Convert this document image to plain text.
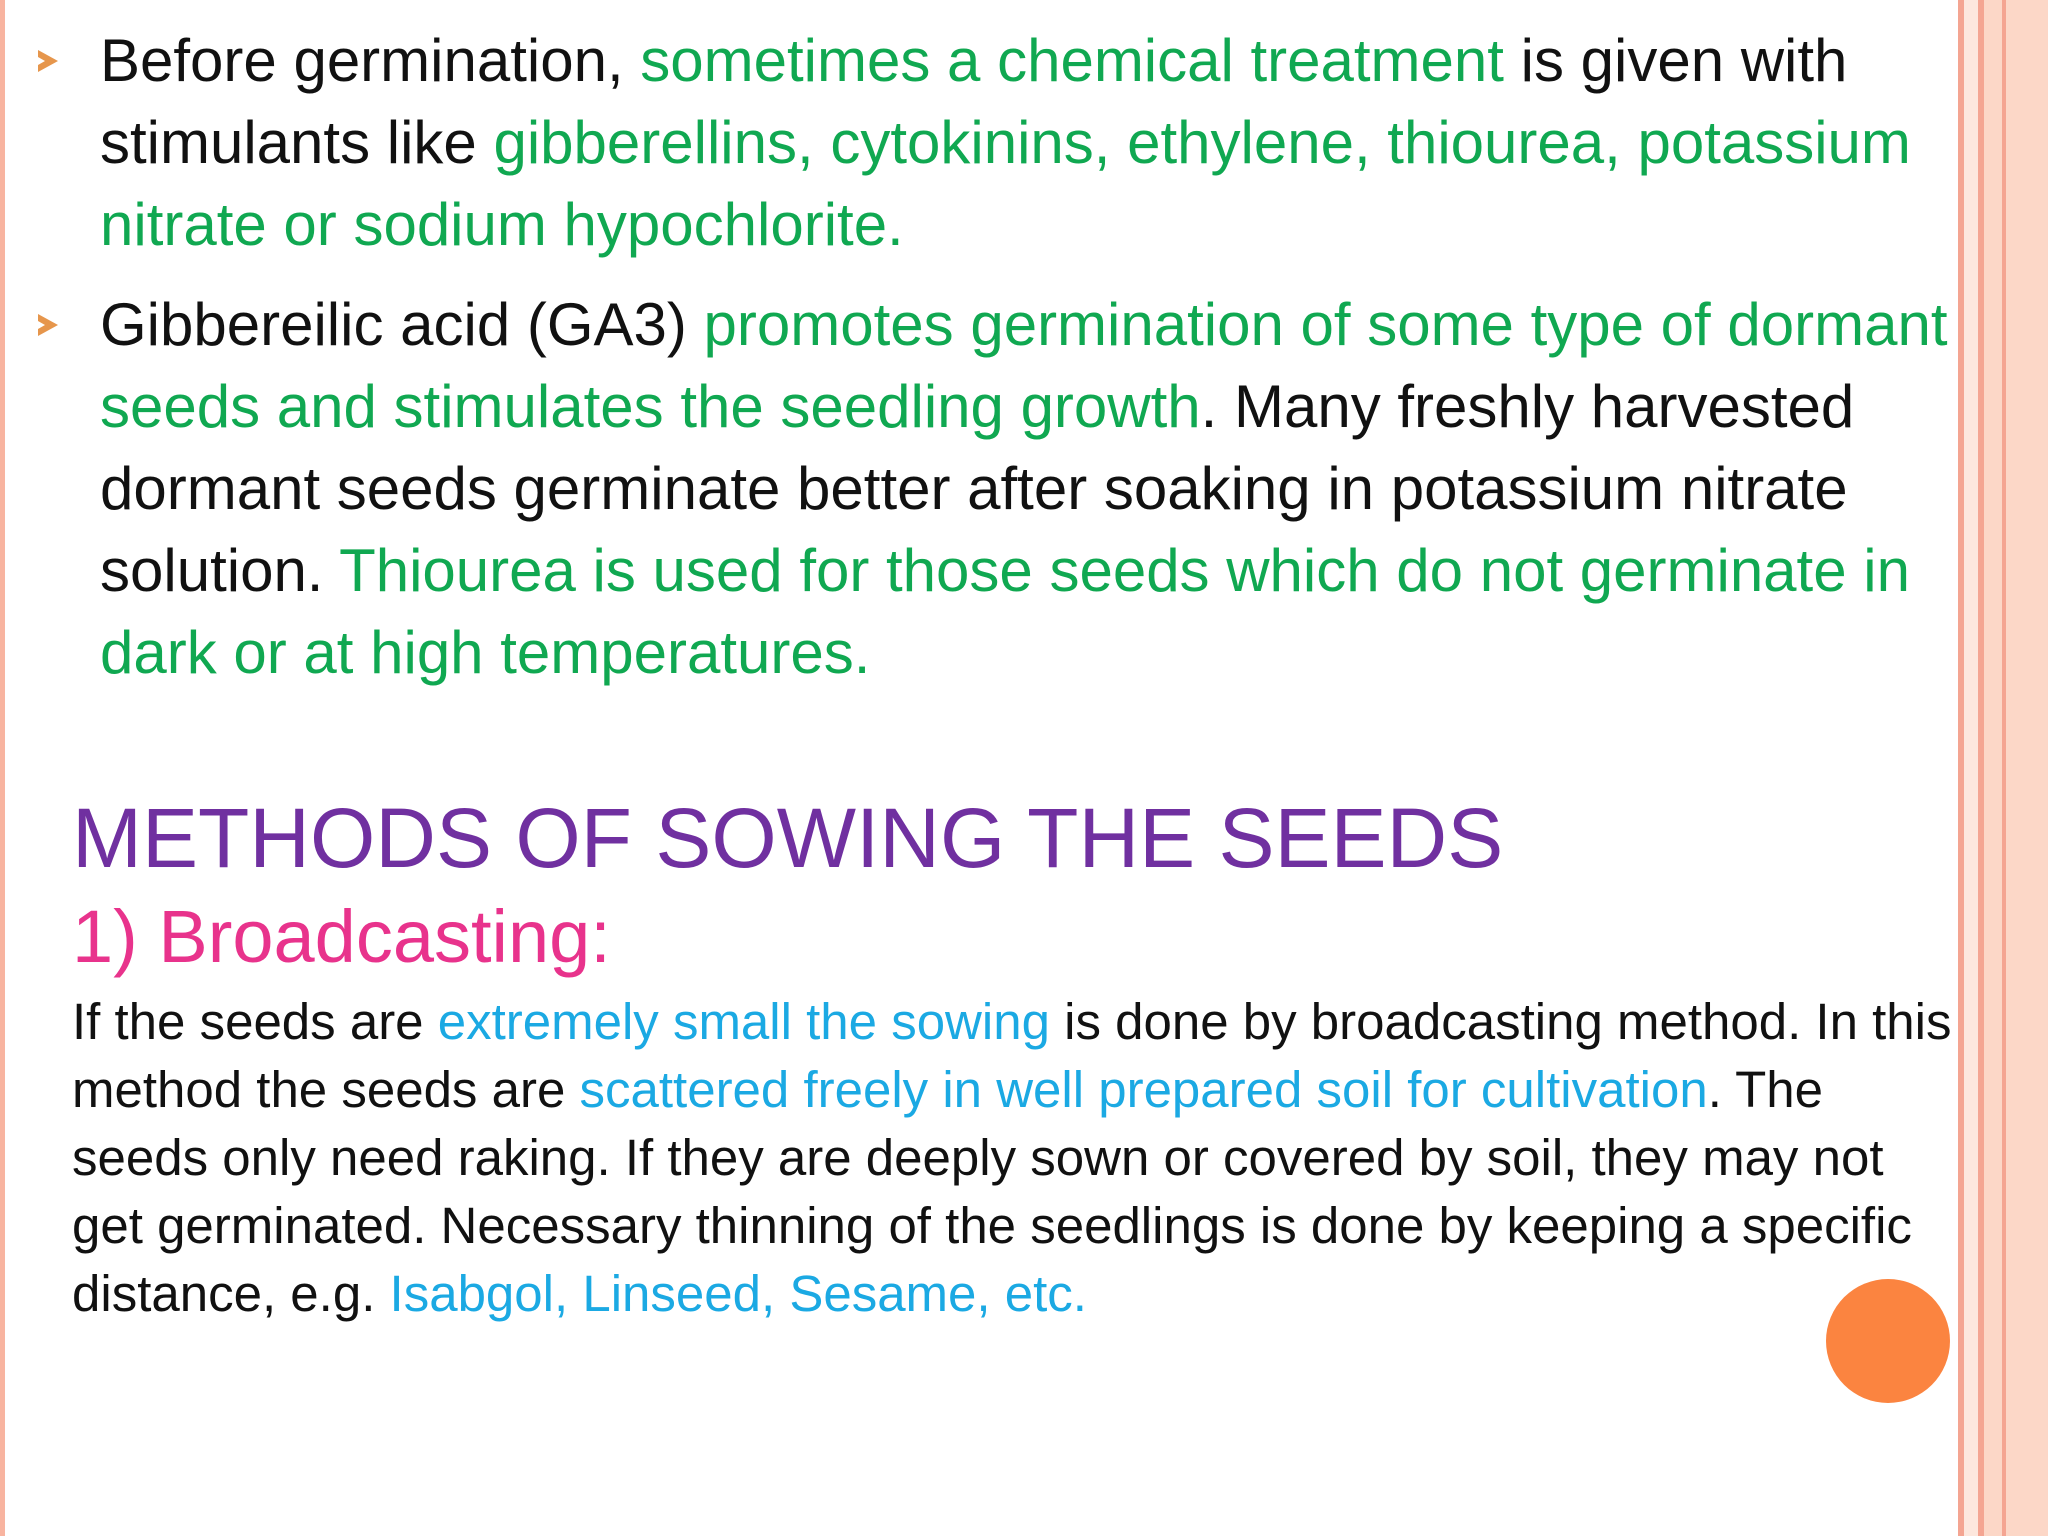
Before germination, sometimes a chemical treatment is given with stimulants like gibberellins, cytokinins, ethylene, thiourea, potassium nitrate or sodium hypochlorite.
Gibbereilic acid (GA3) promotes germination of some type of dormant seeds and stimulates the seedling growth. Many freshly harvested dormant seeds germinate better after soaking in potassium nitrate solution. Thiourea is used for those seeds which do not germinate in dark or at high temperatures.
METHODS OF SOWING THE SEEDS
1) Broadcasting:
If the seeds are extremely small the sowing is done by broadcasting method. In this method the seeds are scattered freely in well prepared soil for cultivation. The seeds only need raking. If they are deeply sown or covered by soil, they may not get germinated. Necessary thinning of the seedlings is done by keeping a specific distance, e.g. Isabgol, Linseed, Sesame, etc.
